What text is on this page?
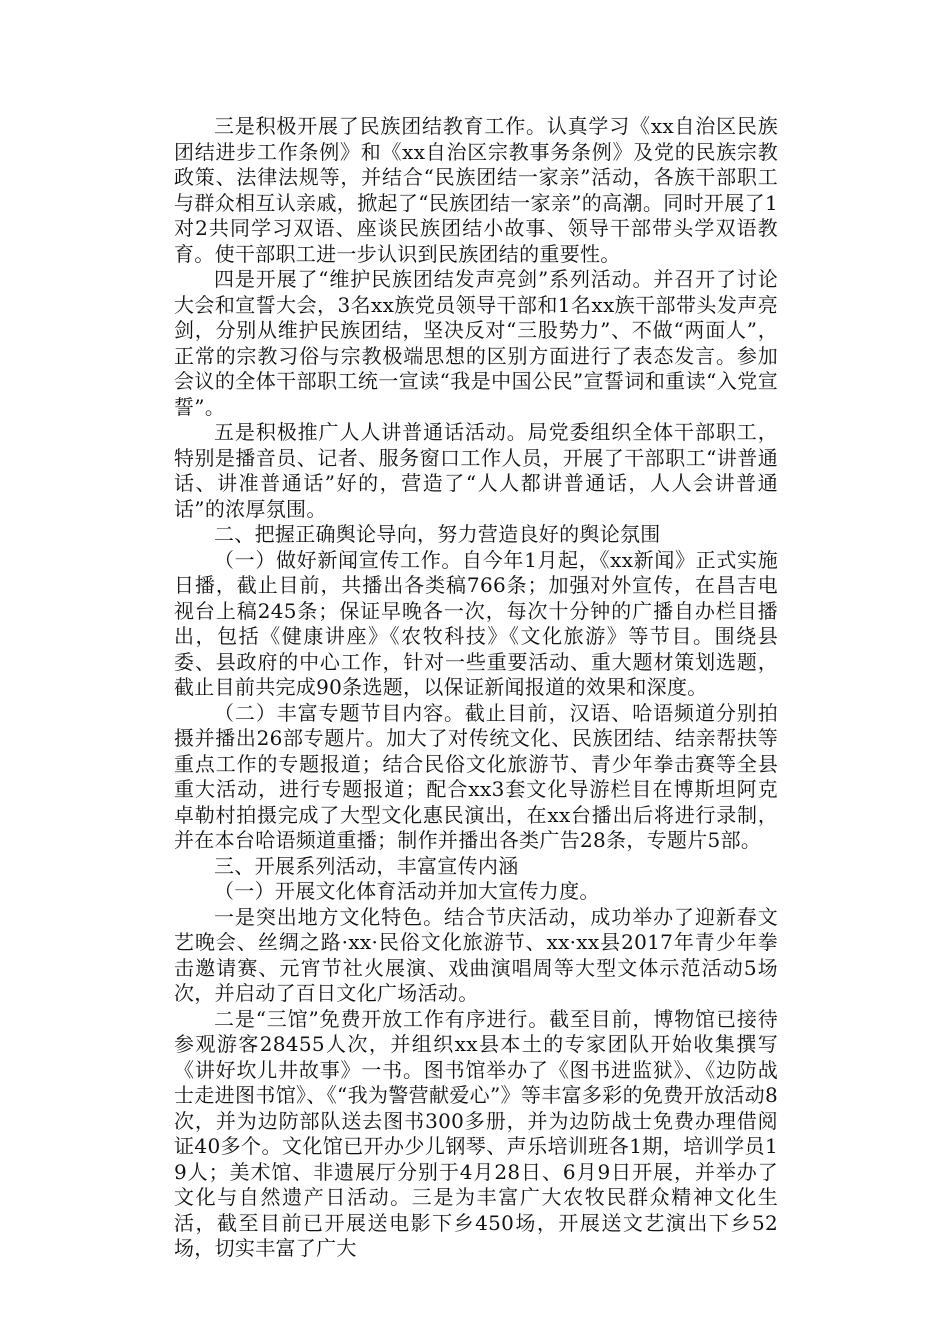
三是积极开展了民族团结教育工作。认真学习《xx自治区民族团结进步工作条例》和《xx自治区宗教事务条例》及党的民族宗教政策、法律法规等，并结合“民族团结一家亲”活动，各族干部职工与群众相互认亲戚，掀起了“民族团结一家亲”的高潮。同时开展了1对2共同学习双语、座谈民族团结小故事、领导干部带头学双语教育。使干部职工进一步认识到民族团结的重要性。

四是开展了“维护民族团结发声亮剑”系列活动。并召开了讨论大会和宣誓大会，3名xx族党员领导干部和1名xx族干部带头发声亮剑，分别从维护民族团结，坚决反对“三股势力”、不做“两面人”，正常的宗教习俗与宗教极端思想的区别方面进行了表态发言。参加会议的全体干部职工统一宣读“我是中国公民”宣誓词和重读“入党宣誓”。

五是积极推广人人讲普通话活动。局党委组织全体干部职工，特别是播音员、记者、服务窗口工作人员，开展了干部职工“讲普通话、讲准普通话”好的，营造了“人人都讲普通话，人人会讲普通话”的浓厚氛围。

二、把握正确舆论导向，努力营造良好的舆论氛围

（一）做好新闻宣传工作。自今年1月起，《xx新闻》正式实施日播，截止目前，共播出各类稿766条；加强对外宣传，在昌吉电视台上稿245条；保证早晚各一次，每次十分钟的广播自办栏目播出，包括《健康讲座》《农牧科技》《文化旅游》等节目。围绕县委、县政府的中心工作，针对一些重要活动、重大题材策划选题，截止目前共完成90条选题，以保证新闻报道的效果和深度。

（二）丰富专题节目内容。截止目前，汉语、哈语频道分别拍摄并播出26部专题片。加大了对传统文化、民族团结、结亲帮扶等重点工作的专题报道；结合民俗文化旅游节、青少年拳击赛等全县重大活动，进行专题报道；配合xx3套文化导游栏目在博斯坦阿克卓勒村拍摄完成了大型文化惠民演出，在xx台播出后将进行录制，并在本台哈语频道重播；制作并播出各类广告28条，专题片5部。

三、开展系列活动，丰富宣传内涵

（一）开展文化体育活动并加大宣传力度。

一是突出地方文化特色。结合节庆活动，成功举办了迎新春文艺晚会、丝绸之路·xx·民俗文化旅游节、xx·xx县2017年青少年拳击邀请赛、元宵节社火展演、戏曲演唱周等大型文体示范活动5场次，并启动了百日文化广场活动。

二是“三馆”免费开放工作有序进行。截至目前，博物馆已接待参观游客28455人次，并组织xx县本土的专家团队开始收集撰写《讲好坎儿井故事》一书。图书馆举办了《图书进监狱》、《边防战士走进图书馆》、《“我为警营献爱心”》等丰富多彩的免费开放活动8次，并为边防部队送去图书300多册，并为边防战士免费办理借阅证40多个。文化馆已开办少儿钢琴、声乐培训班各1期，培训学员19人；美术馆、非遗展厅分别于4月28日、6月9日开展，并举办了文化与自然遗产日活动。三是为丰富广大农牧民群众精神文化生活，截至目前已开展送电影下乡450场，开展送文艺演出下乡52场，切实丰富了广大
